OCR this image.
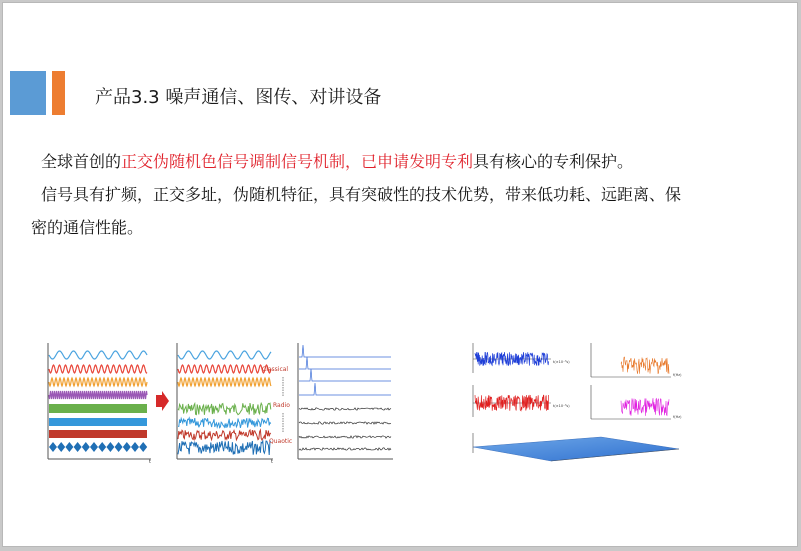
产品3.3 噪声通信、图传、对讲设备
全球首创的正交伪随机色信号调制信号机制，已申请发明专利具有核心的专利保护。
信号具有扩频，正交多址，伪随机特征，具有突破性的技术优势，带来低功耗、远距离、保密的通信性能。
t
Classical
Radio
Quaotic
t
t(×10⁻³s)
t(×10⁻³s)
f(Hz)
f(Hz)
